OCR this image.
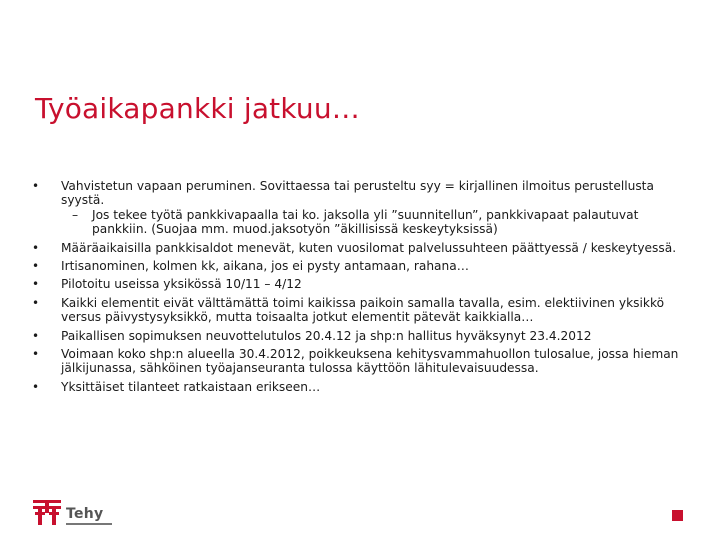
Työaikapankki jatkuu…
• Vahvistetun vapaan peruminen. Sovittaessa tai perusteltu syy = kirjallinen ilmoitus perustellusta syystä.
– Jos tekee työtä pankkivapaalla tai ko. jaksolla yli ”suunnitellun”, pankkivapaat palautuvat pankkiin. (Suojaa mm. muod.jaksotyön ”äkillisissä keskeytyksissä)
• Määräaikaisilla pankkisaldot menevät, kuten vuosilomat palvelussuhteen päättyessä / keskeytyessä.
• Irtisanominen, kolmen kk, aikana, jos ei pysty antamaan, rahana…
• Pilotoitu useissa yksikössä 10/11 – 4/12
• Kaikki elementit eivät välttämättä toimi kaikissa paikoin samalla tavalla, esim. elektiivinen yksikkö versus päivystysyksikkö, mutta toisaalta jotkut elementit pätevät kaikkialla…
• Paikallisen sopimuksen neuvottelutulos 20.4.12 ja shp:n hallitus hyväksynyt 23.4.2012
• Voimaan koko shp:n alueella 30.4.2012, poikkeuksena kehitysvammahuollon tulosalue, jossa hieman jälkijunassa, sähköinen työajanseuranta tulossa käyttöön lähitulevaisuudessa.
• Yksittäiset tilanteet ratkaistaan erikseen…
Tehy
